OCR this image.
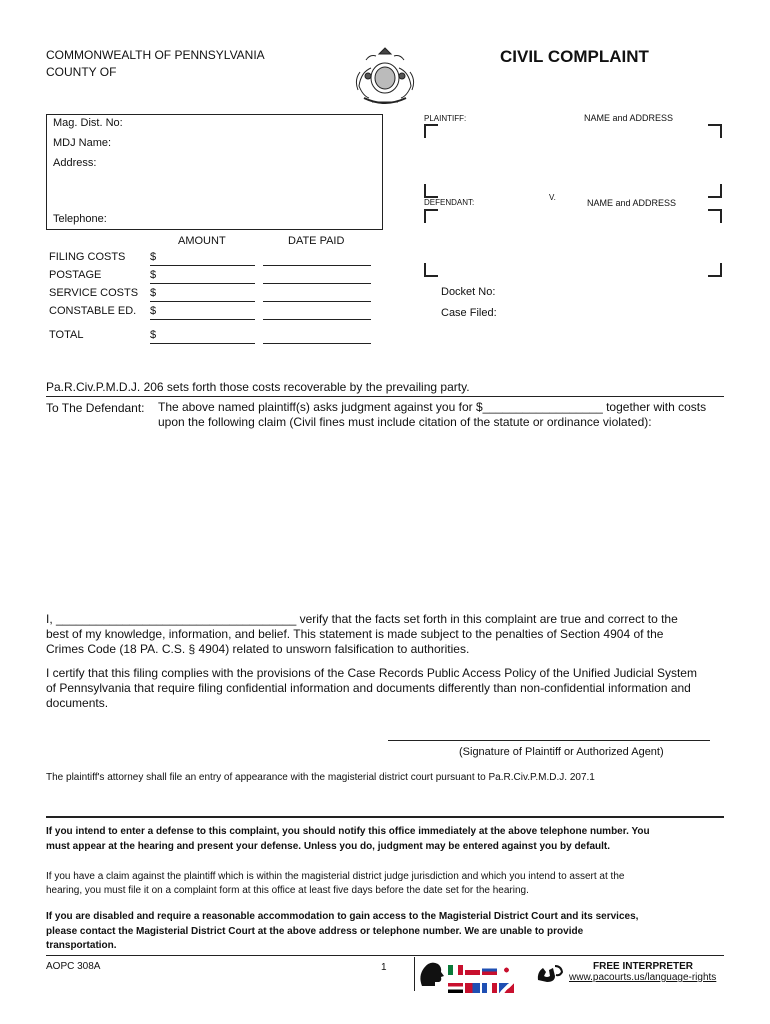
COMMONWEALTH OF PENNSYLVANIA
COUNTY OF
CIVIL COMPLAINT
Mag. Dist. No:
MDJ Name:
Address:
Telephone:
PLAINTIFF:	NAME and ADDRESS
V.
DEFENDANT:	NAME and ADDRESS
Docket No:
Case Filed:
AMOUNT	DATE PAID
FILING COSTS $
POSTAGE	$
SERVICE COSTS $
CONSTABLE ED. $
TOTAL	$
Pa.R.Civ.P.M.D.J. 206 sets forth those costs recoverable by the prevailing party.
To The Defendant: The above named plaintiff(s) asks judgment against you for $__________________ together with costs
upon the following claim (Civil fines must include citation of the statute or ordinance violated):
I, ____________________________________ verify that the facts set forth in this complaint are true and correct to the
best of my knowledge, information, and belief. This statement is made subject to the penalties of Section 4904 of the
Crimes Code (18 PA. C.S. § 4904) related to unsworn falsification to authorities.
I certify that this filing complies with the provisions of the Case Records Public Access Policy of the Unified Judicial System
of Pennsylvania that require filing confidential information and documents differently than non-confidential information and
documents.
(Signature of Plaintiff or Authorized Agent)
The plaintiff's attorney shall file an entry of appearance with the magisterial district court pursuant to Pa.R.Civ.P.M.D.J. 207.1
If you intend to enter a defense to this complaint, you should notify this office immediately at the above telephone number. You
must appear at the hearing and present your defense. Unless you do, judgment may be entered against you by default.
If you have a claim against the plaintiff which is within the magisterial district judge jurisdiction and which you intend to assert at the
hearing, you must file it on a complaint form at this office at least five days before the date set for the hearing.
If you are disabled and require a reasonable accommodation to gain access to the Magisterial District Court and its services,
please contact the Magisterial District Court at the above address or telephone number. We are unable to provide
transportation.
AOPC 308A	1	FREE INTERPRETER
www.pacourts.us/language-rights
